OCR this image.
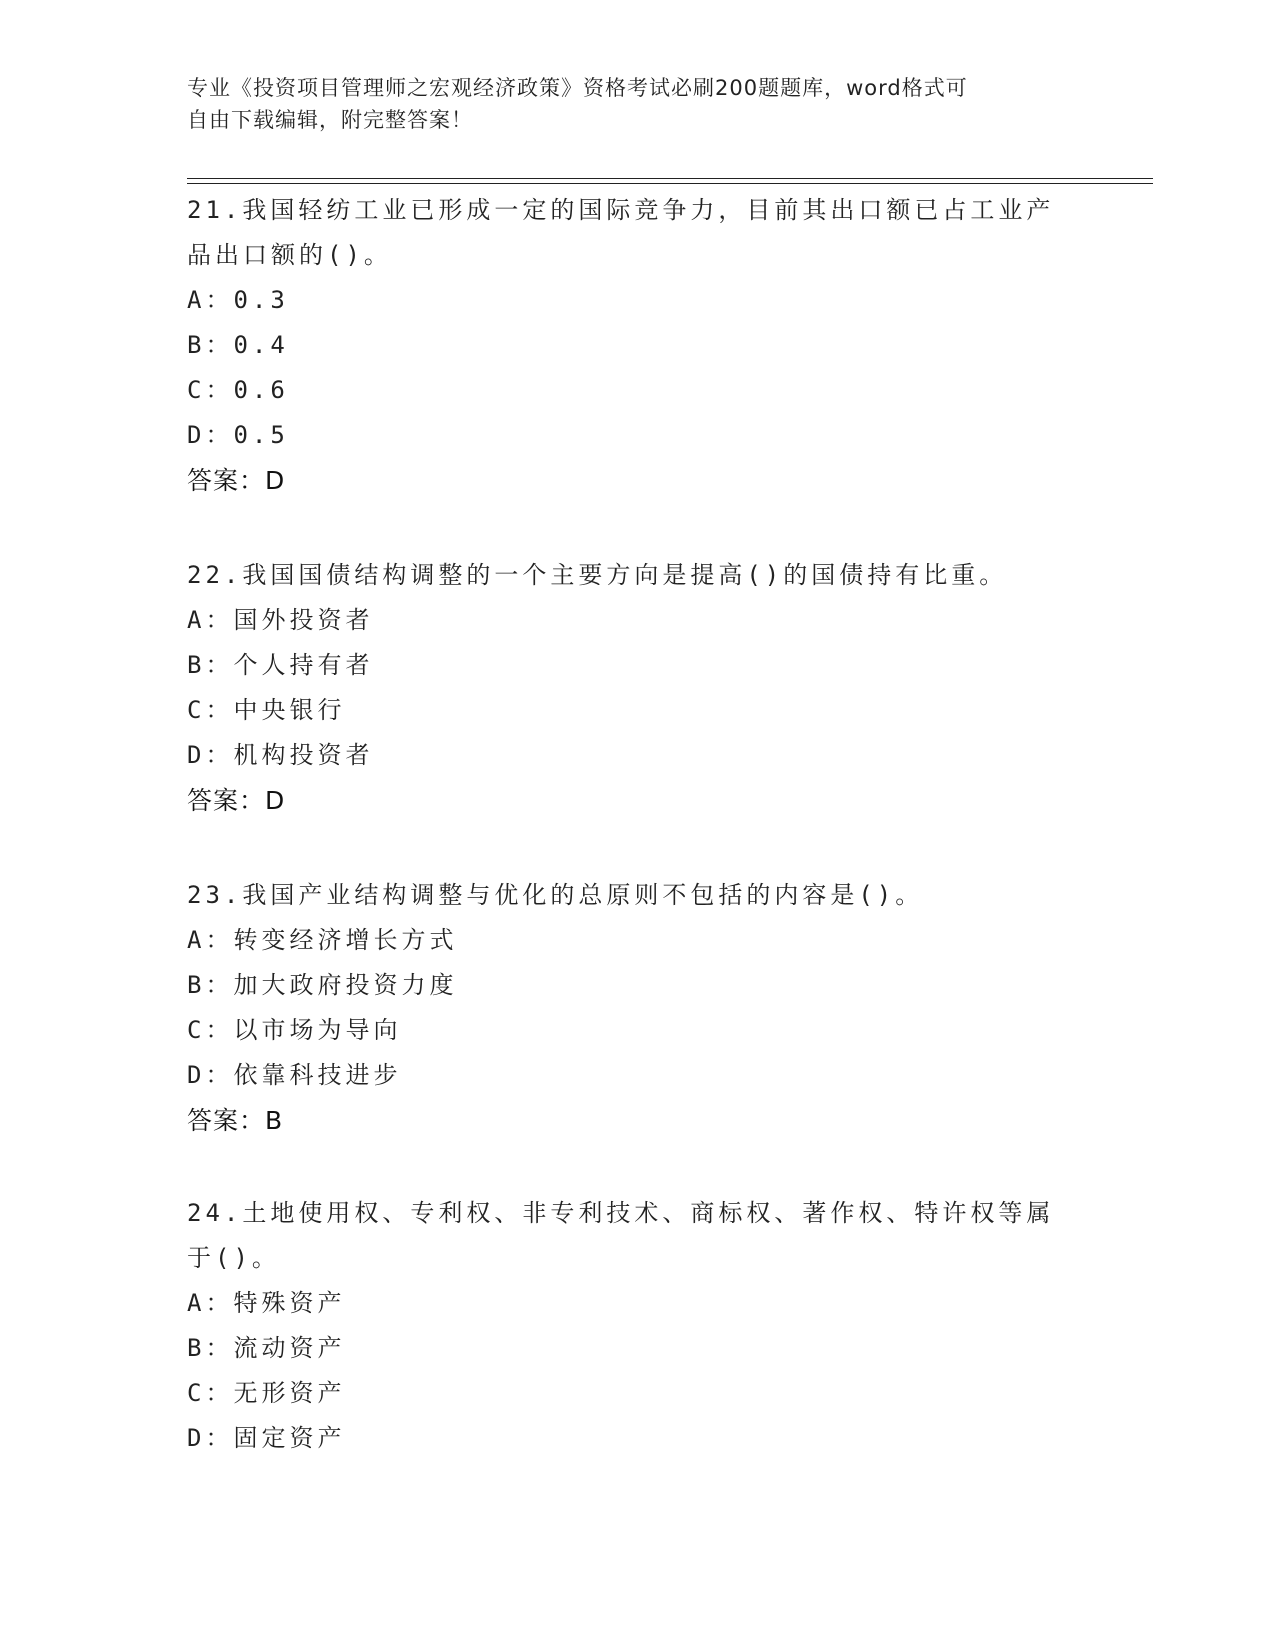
专业《投资项目管理师之宏观经济政策》资格考试必刷200题题库，word格式可
自由下载编辑，附完整答案！

21.我国轻纺工业已形成一定的国际竞争力，目前其出口额已占工业产

品出口额的()。

A：0.3

B：0.4

C：0.6

D：0.5

答案：D

22.我国国债结构调整的一个主要方向是提高()的国债持有比重。

A：国外投资者

B：个人持有者

C：中央银行

D：机构投资者

答案：D

23.我国产业结构调整与优化的总原则不包括的内容是()。

A：转变经济增长方式

B：加大政府投资力度

C：以市场为导向

D：依靠科技进步

答案：B

24.土地使用权、专利权、非专利技术、商标权、著作权、特许权等属

于()。

A：特殊资产

B：流动资产

C：无形资产

D：固定资产
